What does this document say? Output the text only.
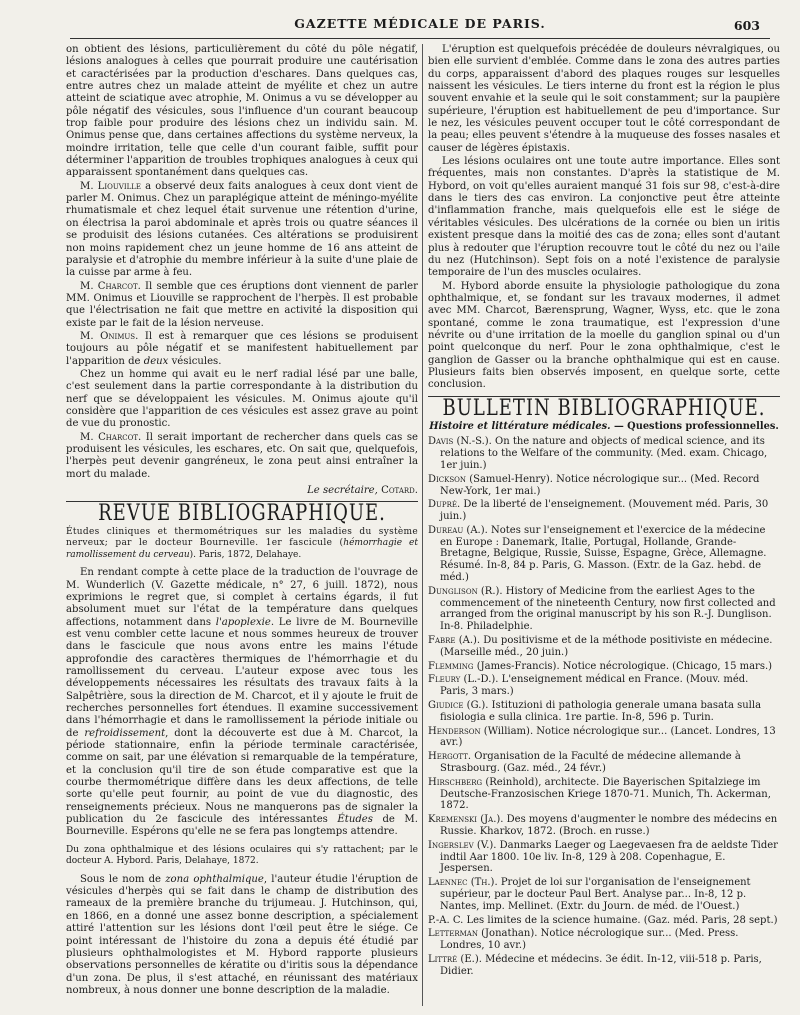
GAZETTE MÉDICALE DE PARIS.	603

on obtient des lésions, particulièrement du côté du pôle négatif, lésions analogues à celles que pourrait produire une cautérisation et caractérisées par la production d'eschares. Dans quelques cas, entre autres chez un malade atteint de myélite et chez un autre atteint de sciatique avec atrophie, M. Onimus a vu se développer au pôle négatif des vésicules, sous l'influence d'un courant beaucoup trop faible pour produire des lésions chez un individu sain. M. Onimus pense que, dans certaines affections du système nerveux, la moindre irritation, telle que celle d'un courant faible, suffit pour déterminer l'apparition de troubles trophiques analogues à ceux qui apparaissent spontanément dans quelques cas.

M. Liouville a observé deux faits analogues à ceux dont vient de parler M. Onimus. Chez un paraplégique atteint de méningo-myélite rhumatismale et chez lequel était survenue une rétention d'urine, on électrisa la paroi abdominale et après trois ou quatre séances il se produisit des lésions cutanées. Ces altérations se produisirent non moins rapidement chez un jeune homme de 16 ans atteint de paralysie et d'atrophie du membre inférieur à la suite d'une plaie de la cuisse par arme à feu.

M. Charcot. Il semble que ces éruptions dont viennent de parler MM. Onimus et Liouville se rapprochent de l'herpès. Il est probable que l'électrisation ne fait que mettre en activité la disposition qui existe par le fait de la lésion nerveuse.

M. Onimus. Il est à remarquer que ces lésions se produisent toujours au pôle négatif et se manifestent habituellement par l'apparition de deux vésicules.

Chez un homme qui avait eu le nerf radial lésé par une balle, c'est seulement dans la partie correspondante à la distribution du nerf que se développaient les vésicules. M. Onimus ajoute qu'il considère que l'apparition de ces vésicules est assez grave au point de vue du pronostic.

M. Charcot. Il serait important de rechercher dans quels cas se produisent les vésicules, les eschares, etc. On sait que, quelquefois, l'herpès peut devenir gangréneux, le zona peut ainsi entraîner la mort du malade.

Le secrétaire, Cotard.
REVUE BIBLIOGRAPHIQUE.
Études cliniques et thermométriques sur les maladies du système nerveux; par le docteur Bourneville. 1er fascicule (hémorrhagie et ramollissement du cerveau). Paris, 1872, Delahaye.

En rendant compte à cette place de la traduction de l'ouvrage de M. Wunderlich (V. Gazette médicale, n° 27, 6 juill. 1872), nous exprimions le regret que, si complet à certains égards, il fut absolument muet sur l'état de la température dans quelques affections, notamment dans l'apoplexie. Le livre de M. Bourneville est venu combler cette lacune et nous sommes heureux de trouver dans le fascicule que nous avons entre les mains l'étude approfondie des caractères thermiques de l'hémorrhagie et du ramollissement du cerveau. L'auteur expose avec tous les développements nécessaires les résultats des travaux faits à la Salpêtrière, sous la direction de M. Charcot, et il y ajoute le fruit de recherches personnelles fort étendues. Il examine successivement dans l'hémorrhagie et dans le ramollissement la période initiale ou de refroidissement, dont la découverte est due à M. Charcot, la période stationnaire, enfin la période terminale caractérisée, comme on sait, par une élévation si remarquable de la température, et la conclusion qu'il tire de son étude comparative est que la courbe thermométrique diffère dans les deux affections, de telle sorte qu'elle peut fournir, au point de vue du diagnostic, des renseignements précieux. Nous ne manquerons pas de signaler la publication du 2e fascicule des intéressantes Études de M. Bourneville. Espérons qu'elle ne se fera pas longtemps attendre.

Du zona ophthalmique et des lésions oculaires qui s'y rattachent; par le docteur A. Hybord. Paris, Delahaye, 1872.

Sous le nom de zona ophthalmique, l'auteur étudie l'éruption de vésicules d'herpès qui se fait dans le champ de distribution des rameaux de la première branche du trijumeau. J. Hutchinson, qui, en 1866, en a donné une assez bonne description, a spécialement attiré l'attention sur les lésions dont l'œil peut être le siége. Ce point intéressant de l'histoire du zona a depuis été étudié par plusieurs ophthalmologistes et M. Hybord rapporte plusieurs observations personnelles de kératite ou d'iritis sous la dépendance d'un zona. De plus, il s'est attaché, en réunissant des matériaux nombreux, à nous donner une bonne description de la maladie.

L'éruption est quelquefois précédée de douleurs névralgiques, ou bien elle survient d'emblée. Comme dans le zona des autres parties du corps, apparaissent d'abord des plaques rouges sur lesquelles naissent les vésicules. Le tiers interne du front est la région le plus souvent envahie et la seule qui le soit constamment; sur la paupière supérieure, l'éruption est habituellement de peu d'importance. Sur le nez, les vésicules peuvent occuper tout le côté correspondant de la peau; elles peuvent s'étendre à la muqueuse des fosses nasales et causer de légères épistaxis.

Les lésions oculaires ont une toute autre importance. Elles sont fréquentes, mais non constantes. D'après la statistique de M. Hybord, on voit qu'elles auraient manqué 31 fois sur 98, c'est-à-dire dans le tiers des cas environ. La conjonctive peut être atteinte d'inflammation franche, mais quelquefois elle est le siége de véritables vésicules. Des ulcérations de la cornée ou bien un iritis existent presque dans la moitié des cas de zona; elles sont d'autant plus à redouter que l'éruption recouvre tout le côté du nez ou l'aile du nez (Hutchinson). Sept fois on a noté l'existence de paralysie temporaire de l'un des muscles oculaires.

M. Hybord aborde ensuite la physiologie pathologique du zona ophthalmique, et, se fondant sur les travaux modernes, il admet avec MM. Charcot, Bærensprung, Wagner, Wyss, etc. que le zona spontané, comme le zona traumatique, est l'expression d'une névrite ou d'une irritation de la moelle du ganglion spinal ou d'un point quelconque du nerf. Pour le zona ophthalmique, c'est le ganglion de Gasser ou la branche ophthalmique qui est en cause. Plusieurs faits bien observés imposent, en quelque sorte, cette conclusion.

BULLETIN BIBLIOGRAPHIQUE.
Histoire et littérature médicales. — Questions professionnelles.
Davis (N.-S.). On the nature and objects of medical science, and its relations to the Welfare of the community. (Med. exam. Chicago, 1er juin.)
Dickson (Samuel-Henry). Notice nécrologique sur... (Med. Record New-York, 1er mai.)
Dupré. De la liberté de l'enseignement. (Mouvement méd. Paris, 30 juin.)
Dureau (A.). Notes sur l'enseignement et l'exercice de la médecine en Europe : Danemark, Italie, Portugal, Hollande, Grande-Bretagne, Belgique, Russie, Suisse, Espagne, Grèce, Allemagne. Résumé. In-8, 84 p. Paris, G. Masson. (Extr. de la Gaz. hebd. de méd.)
Dunglison (R.). History of Medicine from the earliest Ages to the commencement of the nineteenth Century, now first collected and arranged from the original manuscript by his son R.-J. Dunglison. In-8. Philadelphie.
Fabre (A.). Du positivisme et de la méthode positiviste en médecine. (Marseille méd., 20 juin.)
Flemming (James-Francis). Notice nécrologique. (Chicago, 15 mars.)
Fleury (L.-D.). L'enseignement médical en France. (Mouv. méd. Paris, 3 mars.)
Giudice (G.). Istituzioni di pathologia generale umana basata sulla fisiologia e sulla clinica. 1re partie. In-8, 596 p. Turin.
Henderson (William). Notice nécrologique sur... (Lancet. Londres, 13 avr.)
Hergott. Organisation de la Faculté de médecine allemande à Strasbourg. (Gaz. méd., 24 févr.)
Hirschberg (Reinhold), architecte. Die Bayerischen Spitalziege im Deutsche-Franzosischen Kriege 1870-71. Munich, Th. Ackerman, 1872.
Kremenski (Ja.). Des moyens d'augmenter le nombre des médecins en Russie. Kharkov, 1872. (Broch. en russe.)
Ingerslev (V.). Danmarks Laeger og Laegevaesen fra de aeldste Tider indtil Aar 1800. 10e liv. In-8, 129 à 208. Copenhague, E. Jespersen.
Laennec (Th.). Projet de loi sur l'organisation de l'enseignement supérieur, par le docteur Paul Bert. Analyse par... In-8, 12 p. Nantes, imp. Mellinet. (Extr. du Journ. de méd. de l'Ouest.)
P.-A. C. Les limites de la science humaine. (Gaz. méd. Paris, 28 sept.)
Letterman (Jonathan). Notice nécrologique sur... (Med. Press. Londres, 10 avr.)
Littré (E.). Médecine et médecins. 3e édit. In-12, viii-518 p. Paris, Didier.
